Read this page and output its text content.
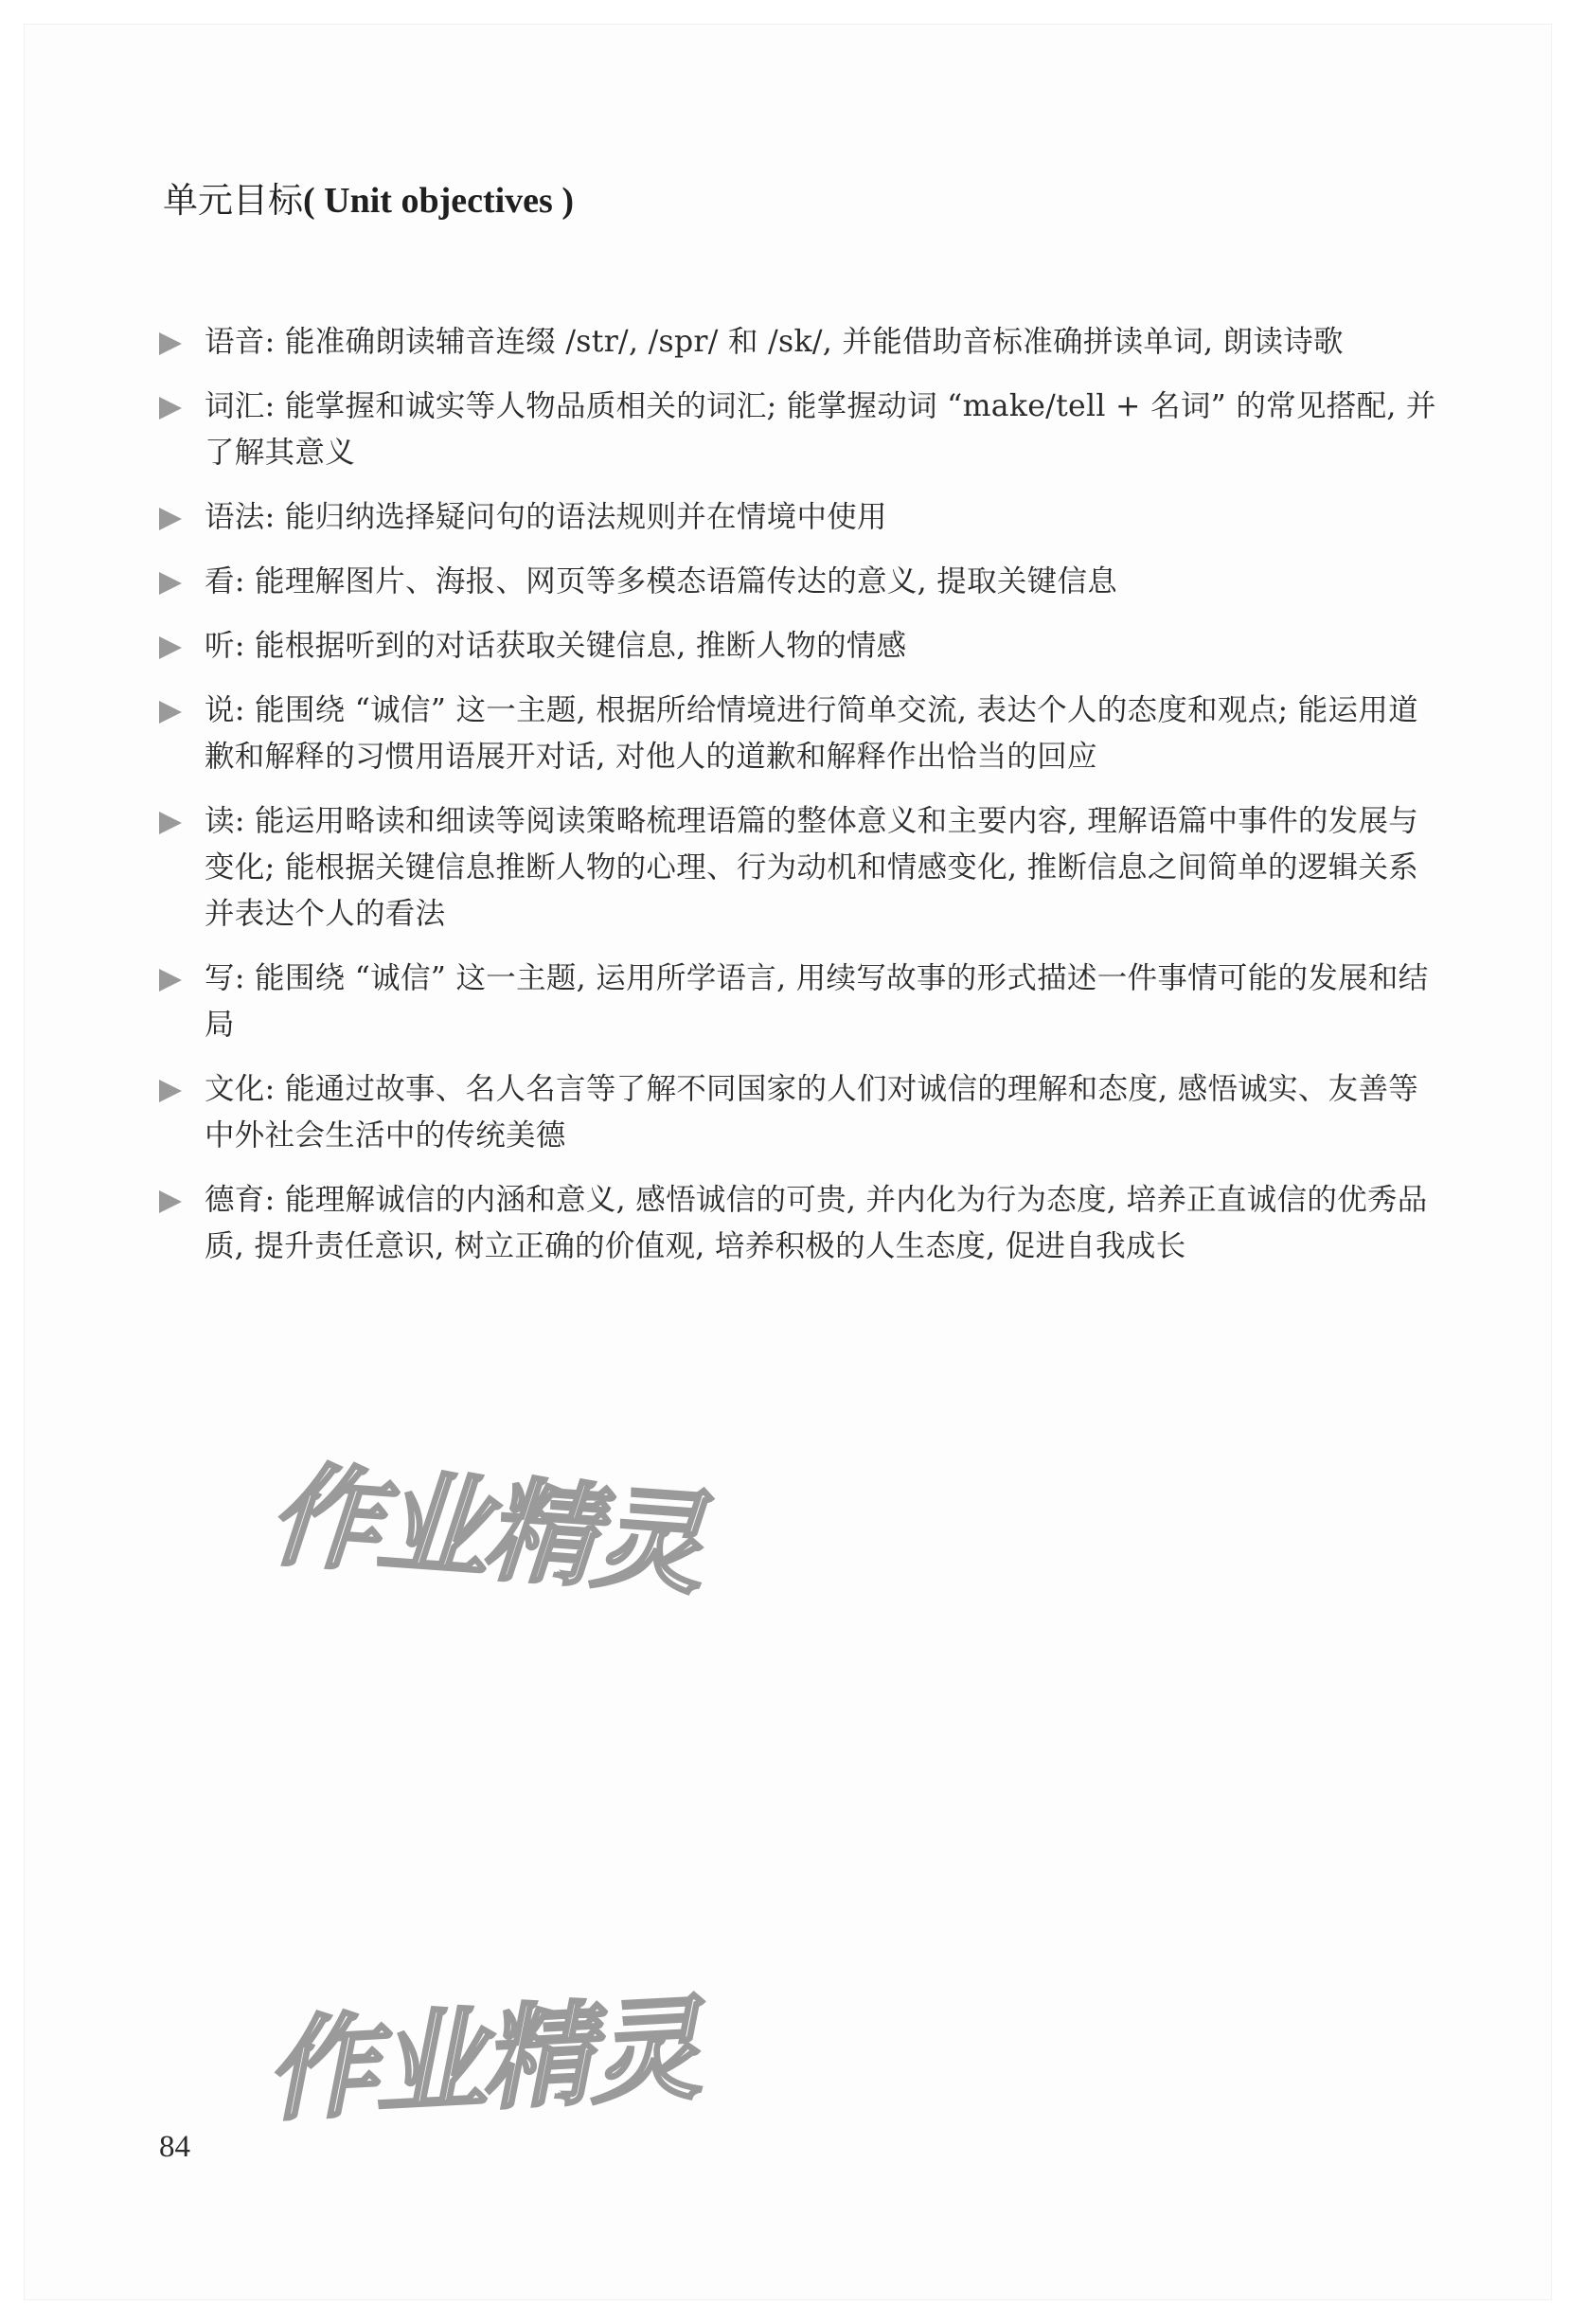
单元目标( Unit objectives )
语音: 能准确朗读辅音连缀 /str/, /spr/ 和 /sk/, 并能借助音标准确拼读单词, 朗读诗歌
词汇: 能掌握和诚实等人物品质相关的词汇; 能掌握动词 “make/tell + 名词” 的常见搭配, 并了解其意义
语法: 能归纳选择疑问句的语法规则并在情境中使用
看: 能理解图片、海报、网页等多模态语篇传达的意义, 提取关键信息
听: 能根据听到的对话获取关键信息, 推断人物的情感
说: 能围绕 “诚信” 这一主题, 根据所给情境进行简单交流, 表达个人的态度和观点; 能运用道歉和解释的习惯用语展开对话, 对他人的道歉和解释作出恰当的回应
读: 能运用略读和细读等阅读策略梳理语篇的整体意义和主要内容, 理解语篇中事件的发展与变化; 能根据关键信息推断人物的心理、行为动机和情感变化, 推断信息之间简单的逻辑关系并表达个人的看法
写: 能围绕 “诚信” 这一主题, 运用所学语言, 用续写故事的形式描述一件事情可能的发展和结局
文化: 能通过故事、名人名言等了解不同国家的人们对诚信的理解和态度, 感悟诚实、友善等中外社会生活中的传统美德
德育: 能理解诚信的内涵和意义, 感悟诚信的可贵, 并内化为行为态度, 培养正直诚信的优秀品质, 提升责任意识, 树立正确的价值观, 培养积极的人生态度, 促进自我成长
作业精灵
作业精灵
84
